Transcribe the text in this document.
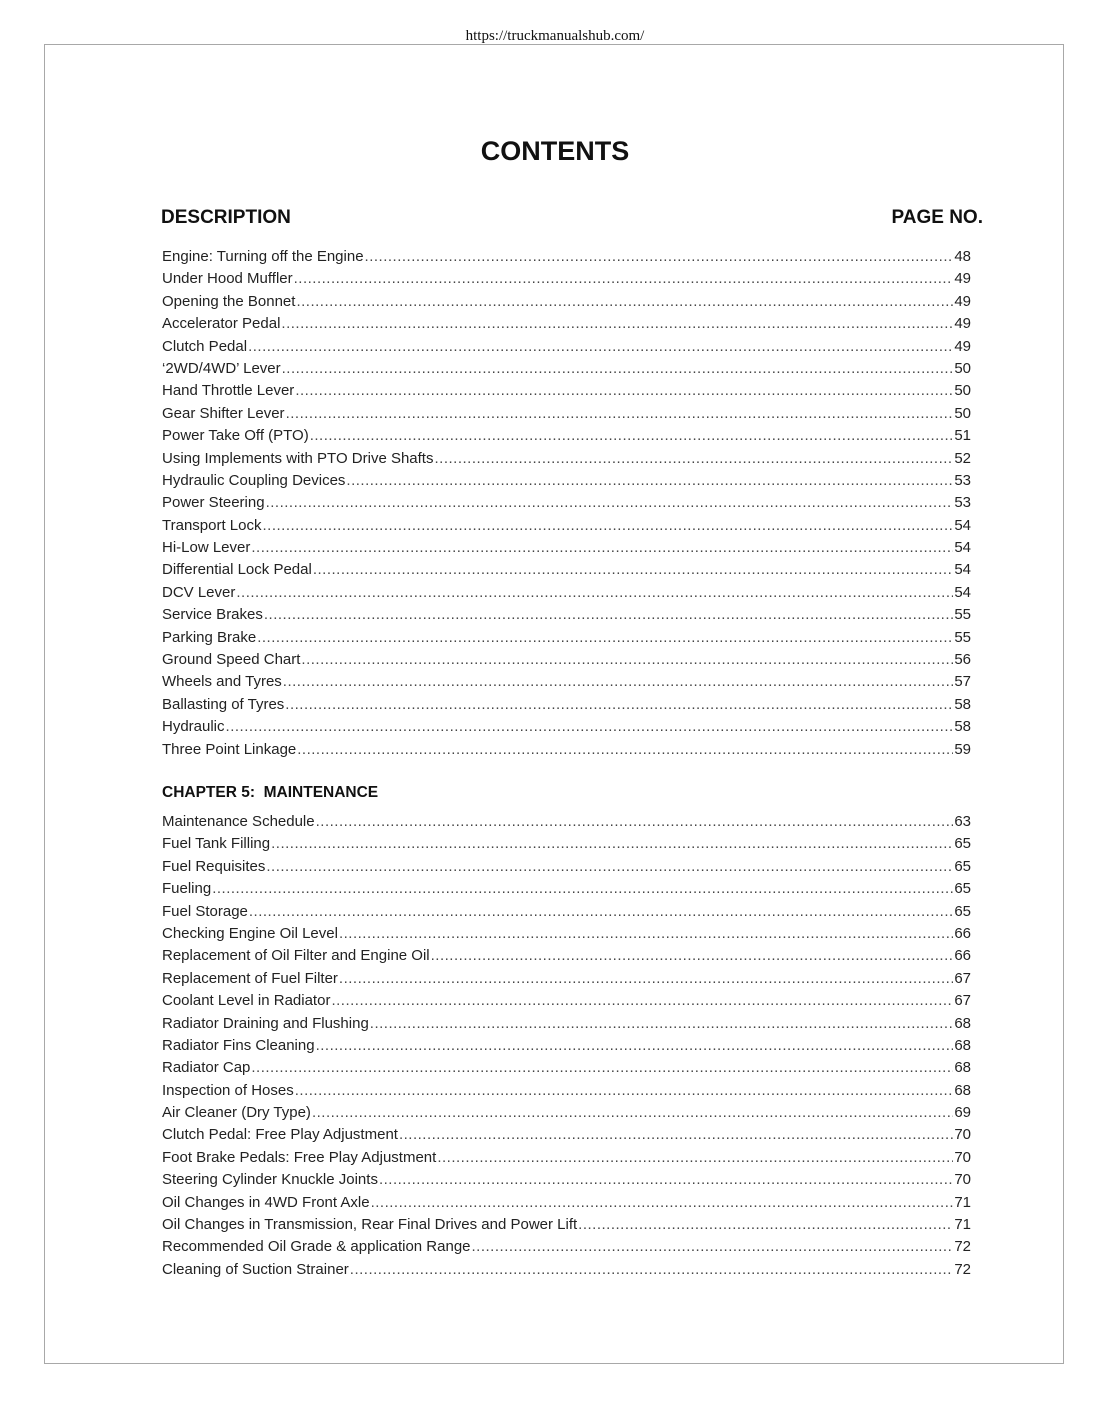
https://truckmanualshub.com/
CONTENTS
DESCRIPTION	PAGE NO.
Engine: Turning off the Engine .....	48
Under Hood Muffler .....	49
Opening the Bonnet .....	49
Accelerator Pedal .....	49
Clutch Pedal .....	49
‘2WD/4WD’ Lever .....	50
Hand Throttle Lever .....	50
Gear Shifter Lever .....	50
Power Take Off (PTO) .....	51
Using Implements with PTO Drive Shafts .....	52
Hydraulic Coupling Devices .....	53
Power Steering .....	53
Transport Lock .....	54
Hi-Low Lever .....	54
Differential Lock Pedal .....	54
DCV Lever .....	54
Service Brakes .....	55
Parking Brake .....	55
Ground Speed Chart .....	56
Wheels and Tyres .....	57
Ballasting of Tyres .....	58
Hydraulic .....	58
Three Point Linkage .....	59
CHAPTER 5:  MAINTENANCE
Maintenance Schedule .....	63
Fuel Tank Filling .....	65
Fuel Requisites .....	65
Fueling .....	65
Fuel Storage .....	65
Checking Engine Oil Level .....	66
Replacement of Oil Filter and Engine Oil .....	66
Replacement of Fuel Filter .....	67
Coolant Level in Radiator .....	67
Radiator Draining and Flushing .....	68
Radiator Fins Cleaning .....	68
Radiator Cap .....	68
Inspection of Hoses .....	68
Air Cleaner (Dry Type) .....	69
Clutch Pedal: Free Play Adjustment .....	70
Foot Brake Pedals: Free Play Adjustment .....	70
Steering Cylinder Knuckle Joints .....	70
Oil Changes in 4WD Front Axle .....	71
Oil Changes in Transmission, Rear Final Drives and Power Lift .....	71
Recommended Oil Grade & application Range .....	72
Cleaning of Suction Strainer .....	72
